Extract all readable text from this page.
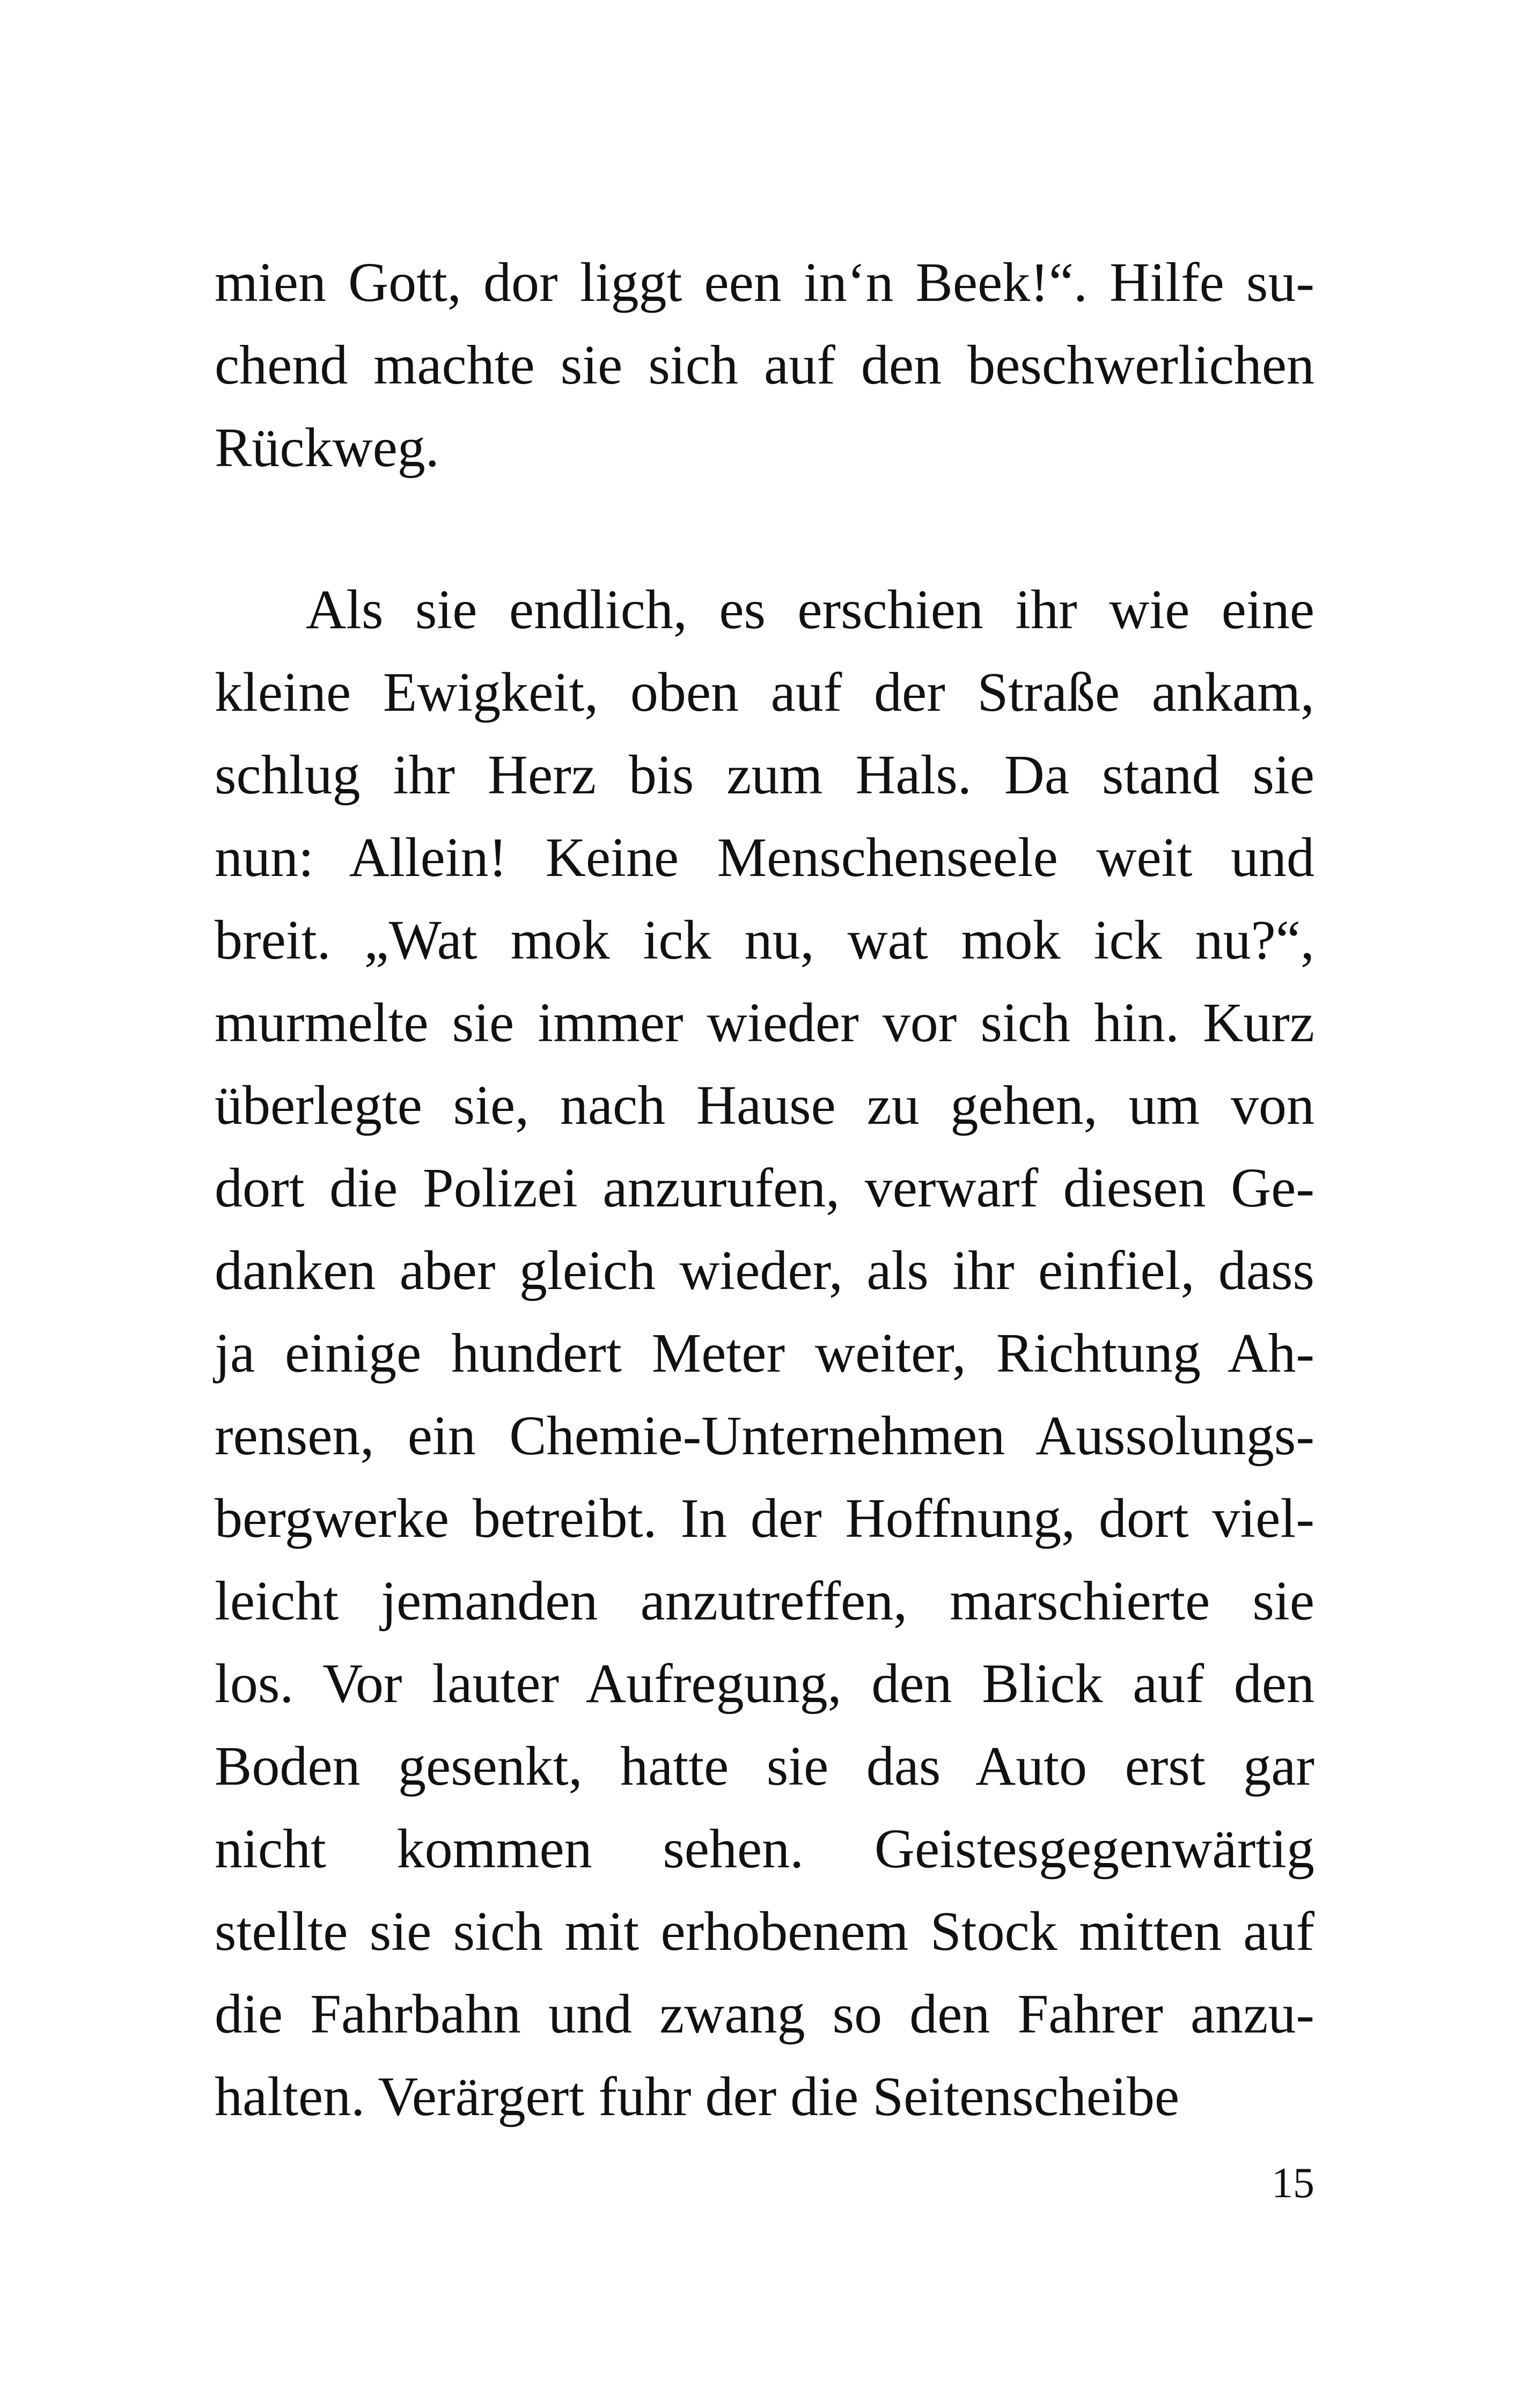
mien Gott, dor liggt een in‘n Beek!“. Hilfe su-
chend machte sie sich auf den beschwerlichen
Rückweg.
Als sie endlich, es erschien ihr wie eine
kleine Ewigkeit, oben auf der Straße ankam,
schlug ihr Herz bis zum Hals. Da stand sie
nun: Allein! Keine Menschenseele weit und
breit. „Wat mok ick nu, wat mok ick nu?“,
murmelte sie immer wieder vor sich hin. Kurz
überlegte sie, nach Hause zu gehen, um von
dort die Polizei anzurufen, verwarf diesen Ge-
danken aber gleich wieder, als ihr einfiel, dass
ja einige hundert Meter weiter, Richtung Ah-
rensen, ein Chemie-Unternehmen Aussolungs-
bergwerke betreibt. In der Hoffnung, dort viel-
leicht jemanden anzutreffen, marschierte sie
los. Vor lauter Aufregung, den Blick auf den
Boden gesenkt, hatte sie das Auto erst gar
nicht kommen sehen. Geistesgegenwärtig
stellte sie sich mit erhobenem Stock mitten auf
die Fahrbahn und zwang so den Fahrer anzu-
halten. Verärgert fuhr der die Seitenscheibe
15
